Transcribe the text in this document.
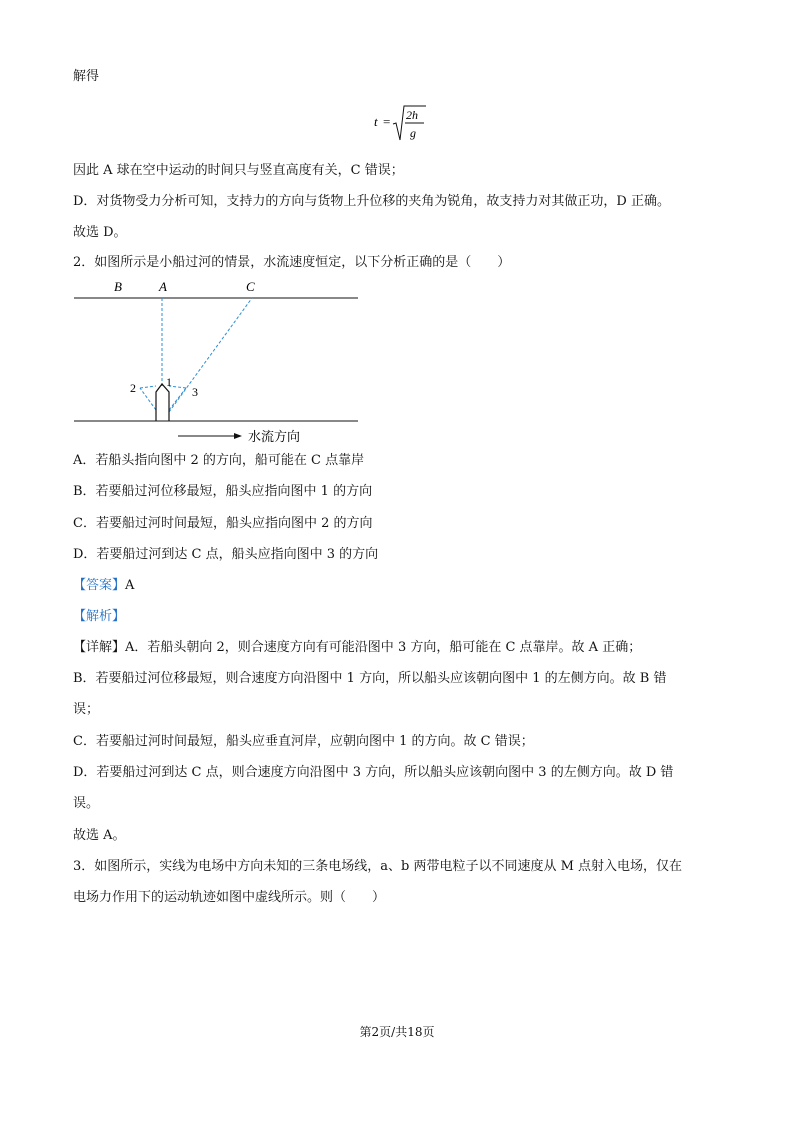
解得
t = 2h
g
因此 A 球在空中运动的时间只与竖直高度有关，C 错误；
D．对货物受力分析可知，支持力的方向与货物上升位移的夹角为锐角，故支持力对其做正功，D 正确。
故选 D。
2．如图所示是小船过河的情景，水流速度恒定，以下分析正确的是（　　）
B	A	C
2	1
3
水流方向
A．若船头指向图中 2 的方向，船可能在 C 点靠岸
B．若要船过河位移最短，船头应指向图中 1 的方向
C．若要船过河时间最短，船头应指向图中 2 的方向
D．若要船过河到达 C 点，船头应指向图中 3 的方向
【答案】A
【解析】
【详解】A．若船头朝向 2，则合速度方向有可能沿图中 3 方向，船可能在 C 点靠岸。故 A 正确；
B．若要船过河位移最短，则合速度方向沿图中 1 方向，所以船头应该朝向图中 1 的左侧方向。故 B 错
误；
C．若要船过河时间最短，船头应垂直河岸，应朝向图中 1 的方向。故 C 错误；
D．若要船过河到达 C 点，则合速度方向沿图中 3 方向，所以船头应该朝向图中 3 的左侧方向。故 D 错
误。
故选 A。
3．如图所示，实线为电场中方向未知的三条电场线，a、b 两带电粒子以不同速度从 M 点射入电场，仅在
电场力作用下的运动轨迹如图中虚线所示。则（　　）
第2页/共18页
